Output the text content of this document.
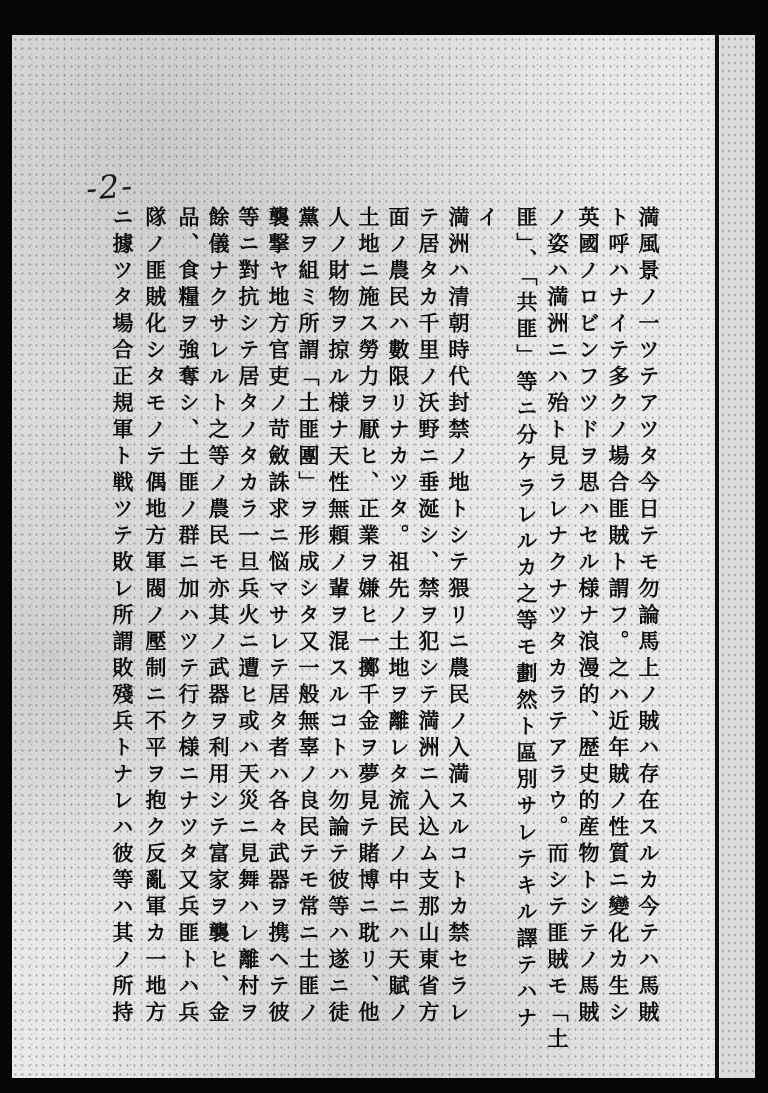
-2-
満風景ノ一ツテアツタ今日テモ勿論馬上ノ賊ハ存在スルカ今テハ馬賊
ト呼ハナイテ多クノ場合匪賊ト謂フ。之ハ近年賊ノ性質ニ變化カ生シ
英國ノロビンフツドヲ思ハセル様ナ浪漫的、歴史的産物トシテノ馬賊
ノ姿ハ満洲ニハ殆ト見ラレナクナツタカラテアラウ。而シテ匪賊モ「土
匪」、「共匪」等ニ分ケラレルカ之等モ劃然ト區別サレテキル譯テハナ
イ
満洲ハ清朝時代封禁ノ地トシテ猥リニ農民ノ入満スルコトカ禁セラレ
テ居タカ千里ノ沃野ニ垂涎シ、禁ヲ犯シテ満洲ニ入込ム支那山東省方
面ノ農民ハ數限リナカツタ。祖先ノ土地ヲ離レタ流民ノ中ニハ天賦ノ
土地ニ施ス勞力ヲ厭ヒ、正業ヲ嫌ヒ一擲千金ヲ夢見テ賭博ニ耽リ、他
人ノ財物ヲ掠ル様ナ天性無頼ノ輩ヲ混スルコトハ勿論テ彼等ハ遂ニ徒
黨ヲ組ミ所謂「土匪團」ヲ形成シタ又一般無辜ノ良民テモ常ニ土匪ノ
襲撃ヤ地方官吏ノ苛斂誅求ニ悩マサレテ居タ者ハ各々武器ヲ携ヘテ彼
等ニ對抗シテ居タノタカラ一旦兵火ニ遭ヒ或ハ天災ニ見舞ハレ離村ヲ
餘儀ナクサレルト之等ノ農民モ亦其ノ武器ヲ利用シテ富家ヲ襲ヒ、金
品、食糧ヲ強奪シ、土匪ノ群ニ加ハツテ行ク様ニナツタ又兵匪トハ兵
隊ノ匪賊化シタモノテ偶地方軍閥ノ壓制ニ不平ヲ抱ク反亂軍カ一地方
ニ據ツタ場合正規軍ト戦ツテ敗レ所謂敗殘兵トナレハ彼等ハ其ノ所持
